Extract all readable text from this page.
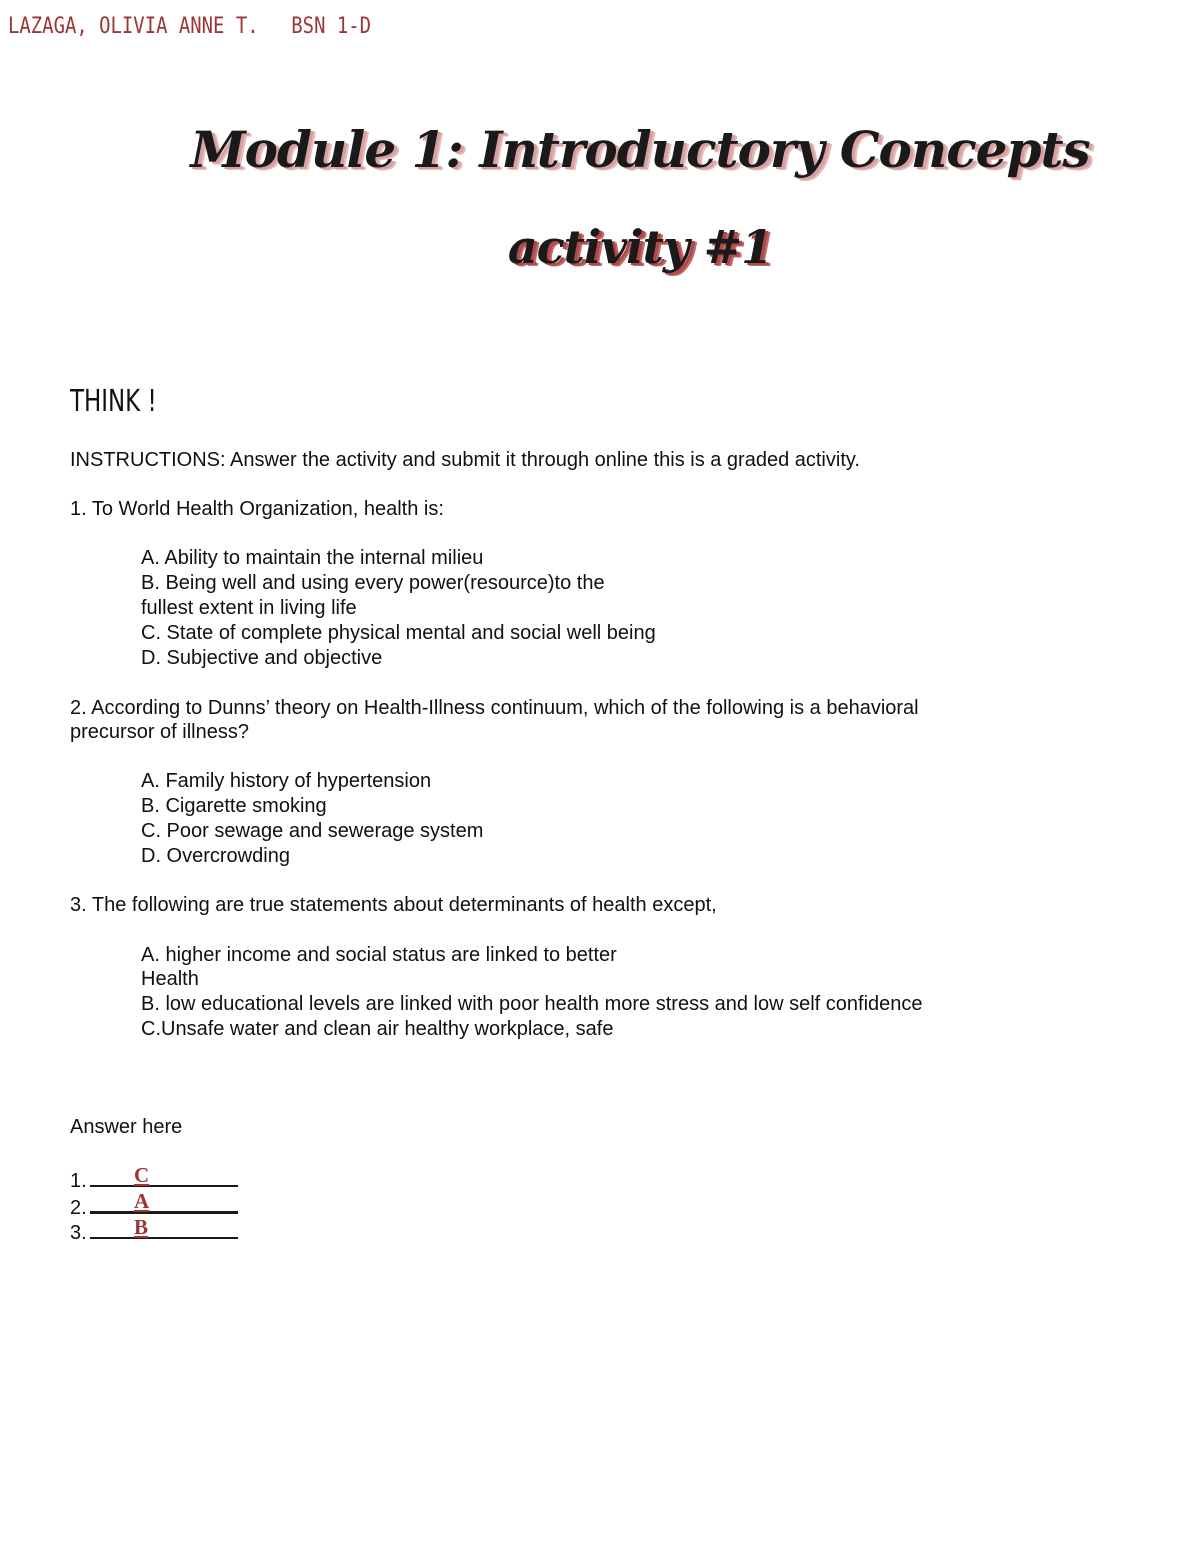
LAZAGA, OLIVIA ANNE T. BSN 1-D
Module 1: Introductory Concepts
activity #1
THINK !
INSTRUCTIONS: Answer the activity and submit it through online this is a graded activity.
1. To World Health Organization, health is:
A. Ability to maintain the internal milieu
B. Being well and using every power(resource)to the
fullest extent in living life
C. State of complete physical mental and social well being
D. Subjective and objective
2. According to Dunns’ theory on Health-Illness continuum, which of the following is a behavioral
precursor of illness?
A. Family history of hypertension
B. Cigarette smoking
C. Poor sewage and sewerage system
D. Overcrowding
3. The following are true statements about determinants of health except,
A. higher income and social status are linked to better
Health
B. low educational levels are linked with poor health more stress and low self confidence
C.Unsafe water and clean air healthy workplace, safe
Answer here
1. C
2. A
3. B
